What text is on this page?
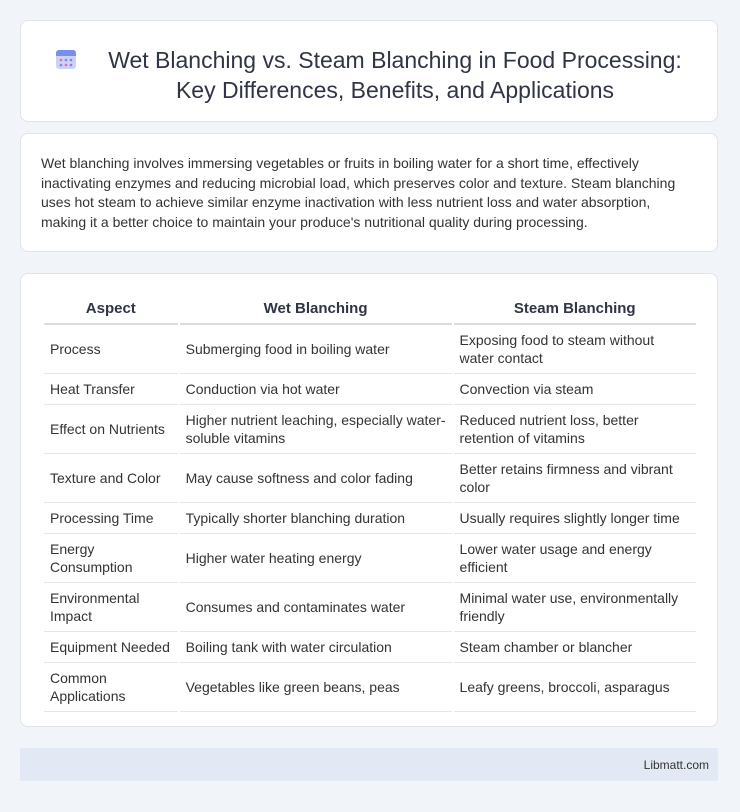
Wet Blanching vs. Steam Blanching in Food Processing: Key Differences, Benefits, and Applications
Wet blanching involves immersing vegetables or fruits in boiling water for a short time, effectively inactivating enzymes and reducing microbial load, which preserves color and texture. Steam blanching uses hot steam to achieve similar enzyme inactivation with less nutrient loss and water absorption, making it a better choice to maintain your produce's nutritional quality during processing.
Aspect	Wet Blanching	Steam Blanching
Process	Submerging food in boiling water	Exposing food to steam without water contact
Heat Transfer	Conduction via hot water	Convection via steam
Effect on Nutrients	Higher nutrient leaching, especially water-soluble vitamins	Reduced nutrient loss, better retention of vitamins
Texture and Color	May cause softness and color fading	Better retains firmness and vibrant color
Processing Time	Typically shorter blanching duration	Usually requires slightly longer time
Energy Consumption	Higher water heating energy	Lower water usage and energy efficient
Environmental Impact	Consumes and contaminates water	Minimal water use, environmentally friendly
Equipment Needed	Boiling tank with water circulation	Steam chamber or blancher
Common Applications	Vegetables like green beans, peas	Leafy greens, broccoli, asparagus
Libmatt.com
